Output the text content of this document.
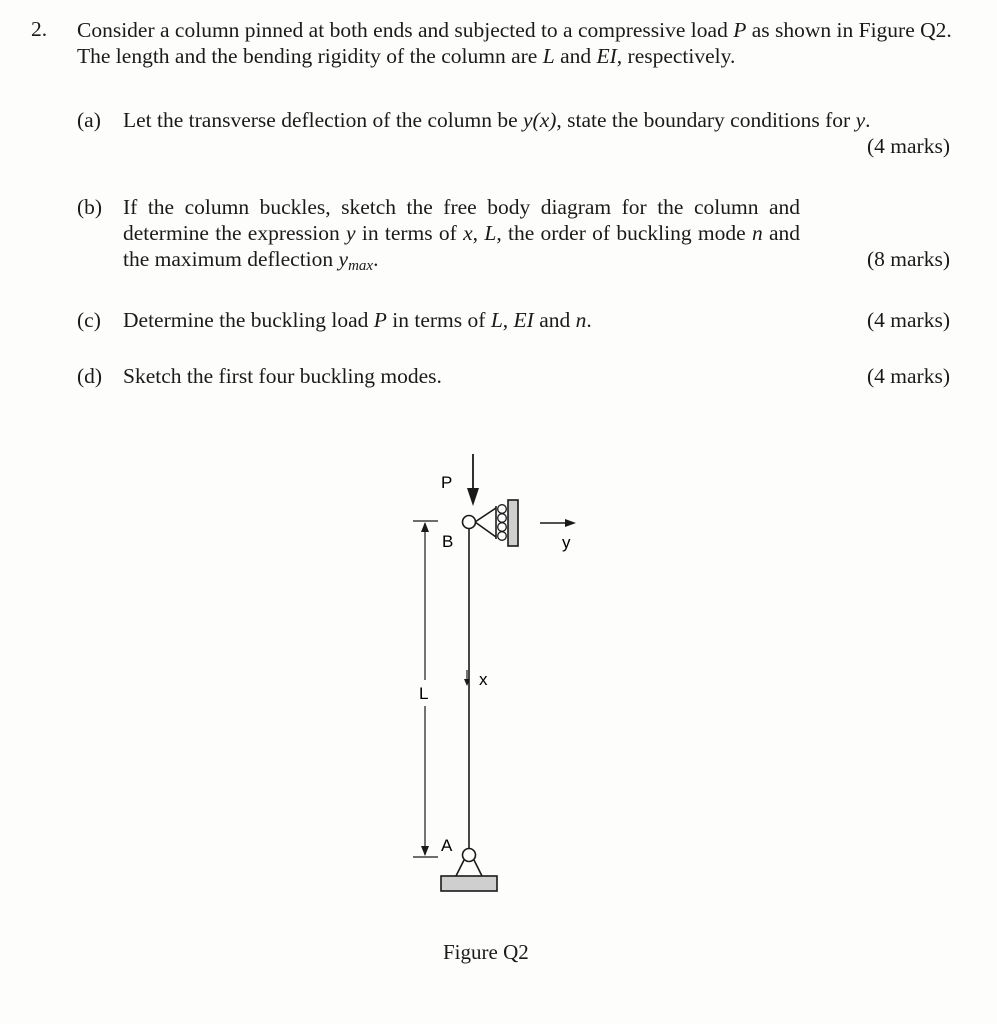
2. Consider a column pinned at both ends and subjected to a compressive load P as shown in Figure Q2. The length and the bending rigidity of the column are L and EI, respectively.
(a) Let the transverse deflection of the column be y(x), state the boundary conditions for y.
(4 marks)
(b) If the column buckles, sketch the free body diagram for the column and determine the expression y in terms of x, L, the order of buckling mode n and the maximum deflection ymax.	(8 marks)
(c) Determine the buckling load P in terms of L, EI and n.	(4 marks)
(d) Sketch the first four buckling modes.	(4 marks)
P
B	y
x
L
A
Figure Q2
